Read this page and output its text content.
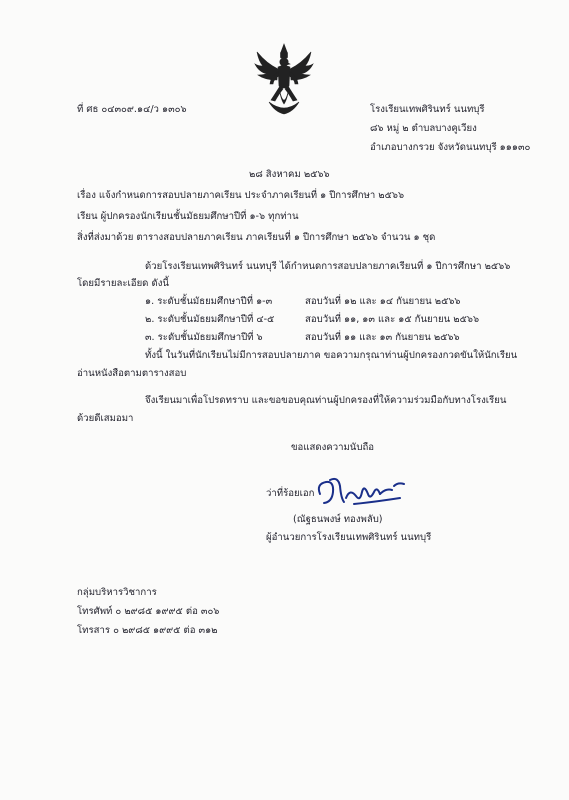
ที่ ศธ ๐๔๓๐๙.๑๔/ว ๑๓๐๖	โรงเรียนเทพศิรินทร์ นนทบุรี
๘๖ หมู่ ๒ ตำบลบางคูเวียง
อำเภอบางกรวย จังหวัดนนทบุรี ๑๑๑๓๐
๒๘ สิงหาคม ๒๕๖๖
เรื่อง แจ้งกำหนดการสอบปลายภาคเรียน ประจำภาคเรียนที่ ๑ ปีการศึกษา ๒๕๖๖
เรียน ผู้ปกครองนักเรียนชั้นมัธยมศึกษาปีที่ ๑-๖ ทุกท่าน
สิ่งที่ส่งมาด้วย ตารางสอบปลายภาคเรียน ภาคเรียนที่ ๑ ปีการศึกษา ๒๕๖๖ จำนวน ๑ ชุด
ด้วยโรงเรียนเทพศิรินทร์ นนทบุรี ได้กำหนดการสอบปลายภาคเรียนที่ ๑ ปีการศึกษา ๒๕๖๖
โดยมีรายละเอียด ดังนี้
๑. ระดับชั้นมัธยมศึกษาปีที่ ๑-๓	สอบวันที่ ๑๒ และ ๑๔ กันยายน ๒๕๖๖
๒. ระดับชั้นมัธยมศึกษาปีที่ ๔-๕	สอบวันที่ ๑๑, ๑๓ และ ๑๕ กันยายน ๒๕๖๖
๓. ระดับชั้นมัธยมศึกษาปีที่ ๖	สอบวันที่ ๑๑ และ ๑๓ กันยายน ๒๕๖๖
ทั้งนี้ ในวันที่นักเรียนไม่มีการสอบปลายภาค ขอความกรุณาท่านผู้ปกครองกวดขันให้นักเรียน
อ่านหนังสือตามตารางสอบ
จึงเรียนมาเพื่อโปรดทราบ และขอขอบคุณท่านผู้ปกครองที่ให้ความร่วมมือกับทางโรงเรียน
ด้วยดีเสมอมา
ขอแสดงความนับถือ
ว่าที่ร้อยเอก
(ณัฐธนพงษ์ ทองพลับ)
ผู้อำนวยการโรงเรียนเทพศิรินทร์ นนทบุรี
กลุ่มบริหารวิชาการ
โทรศัพท์ ๐ ๒๙๘๕ ๑๙๙๕ ต่อ ๓๐๖
โทรสาร ๐ ๒๙๘๕ ๑๙๙๕ ต่อ ๓๑๒
